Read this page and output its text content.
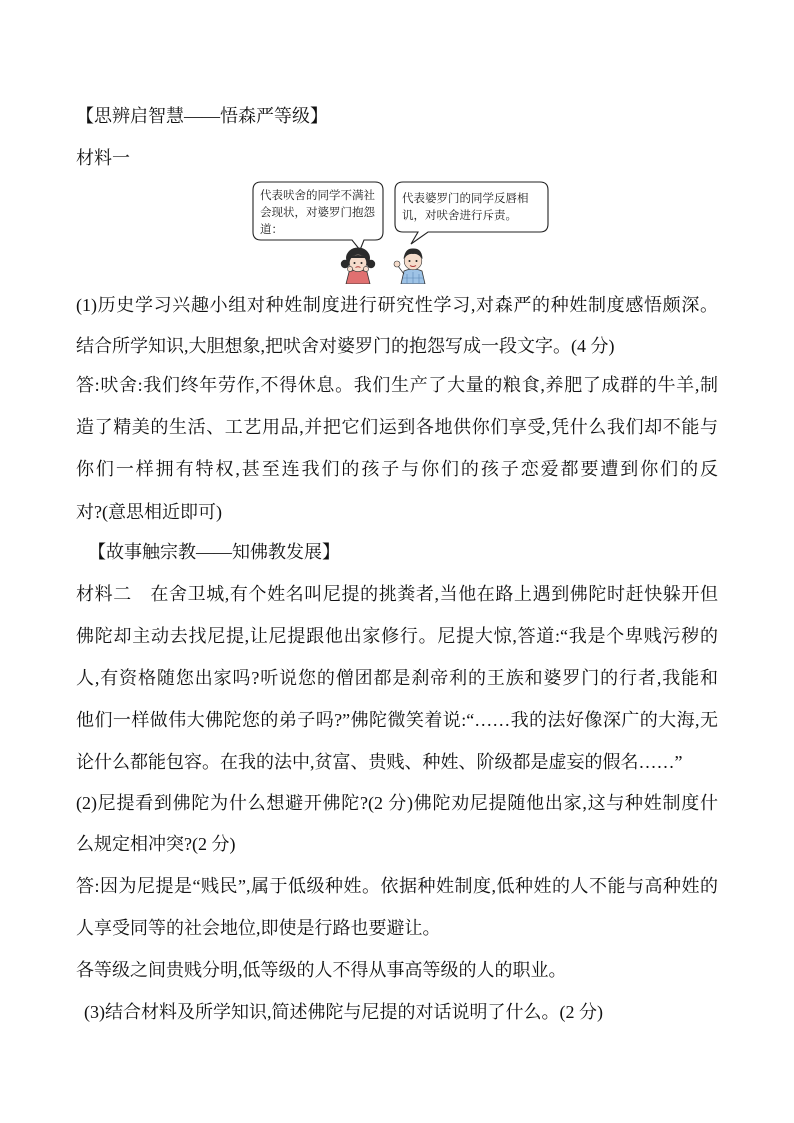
【思辨启智慧——悟森严等级】
材料一
代表吠舍的同学不满社
会现状，对婆罗门抱怨
道：
代表婆罗门的同学反唇相
讥，对吠舍进行斥责。
(1)历史学习兴趣小组对种姓制度进行研究性学习,对森严的种姓制度感悟颇深。
结合所学知识,大胆想象,把吠舍对婆罗门的抱怨写成一段文字。(4 分)
答:吠舍:我们终年劳作,不得休息。我们生产了大量的粮食,养肥了成群的牛羊,制
造了精美的生活、工艺用品,并把它们运到各地供你们享受,凭什么我们却不能与
你们一样拥有特权,甚至连我们的孩子与你们的孩子恋爱都要遭到你们的反
对?(意思相近即可)
【故事触宗教——知佛教发展】
材料二　在舍卫城,有个姓名叫尼提的挑粪者,当他在路上遇到佛陀时赶快躲开但
佛陀却主动去找尼提,让尼提跟他出家修行。尼提大惊,答道:“我是个卑贱污秽的
人,有资格随您出家吗?听说您的僧团都是刹帝利的王族和婆罗门的行者,我能和
他们一样做伟大佛陀您的弟子吗?”佛陀微笑着说:“……我的法好像深广的大海,无
论什么都能包容。在我的法中,贫富、贵贱、种姓、阶级都是虚妄的假名……”
(2)尼提看到佛陀为什么想避开佛陀?(2 分)佛陀劝尼提随他出家,这与种姓制度什
么规定相冲突?(2 分)
答:因为尼提是“贱民”,属于低级种姓。依据种姓制度,低种姓的人不能与高种姓的
人享受同等的社会地位,即使是行路也要避让。
各等级之间贵贱分明,低等级的人不得从事高等级的人的职业。
(3)结合材料及所学知识,简述佛陀与尼提的对话说明了什么。(2 分)
